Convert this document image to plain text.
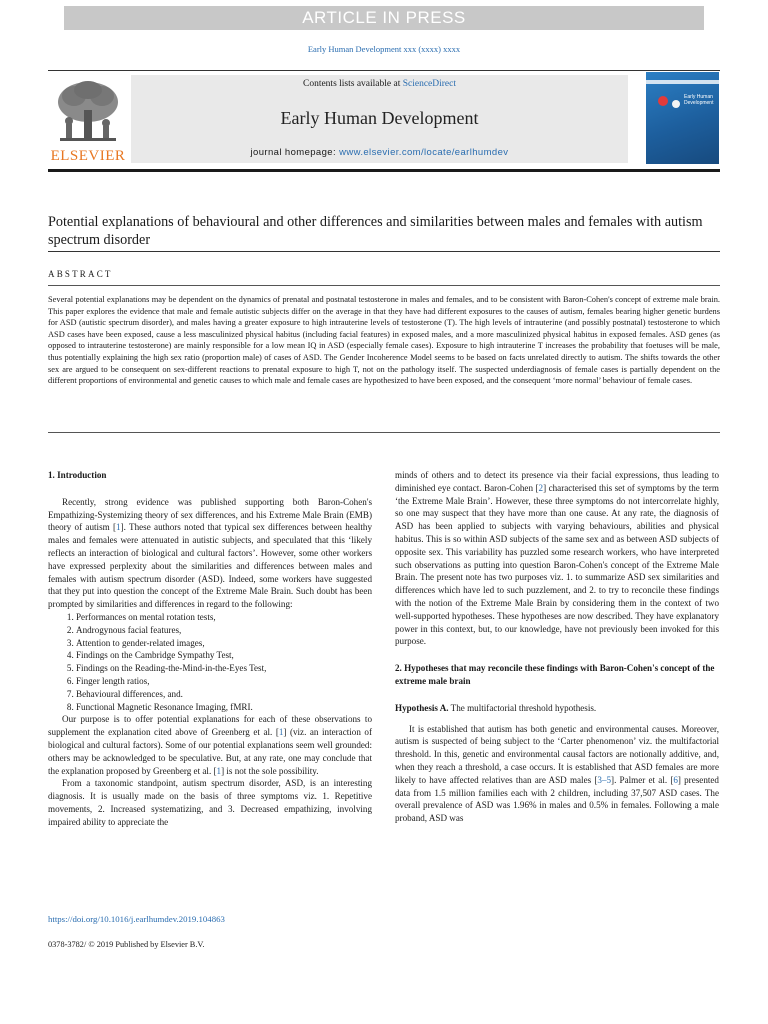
ARTICLE IN PRESS
Early Human Development xxx (xxxx) xxxx
ELSEVIER
Contents lists available at ScienceDirect
Early Human Development
journal homepage: www.elsevier.com/locate/earlhumdev
Early Human Development
Potential explanations of behavioural and other differences and similarities between males and females with autism spectrum disorder
ABSTRACT

Several potential explanations may be dependent on the dynamics of prenatal and postnatal testosterone in males and females, and to be consistent with Baron-Cohen's concept of extreme male brain. This paper explores the evidence that male and female autistic subjects differ on the average in that they have had different exposures to the causes of autism, females bearing higher genetic burdens for ASD (autistic spectrum disorder), and males having a greater exposure to high intrauterine levels of testosterone (T). The high levels of intrauterine (and possibly postnatal) testosterone to which ASD cases have been exposed, cause a less masculinized physical habitus (including facial features) in exposed males, and a more masculinized physical habitus in exposed females. ASD genes (as opposed to intrauterine testosterone) are mainly responsible for a low mean IQ in ASD (especially female cases). Exposure to high intrauterine T increases the probability that foetuses will be male, thus potentially explaining the high sex ratio (proportion male) of cases of ASD. The Gender Incoherence Model seems to be based on facts unrelated directly to autism. The shifts towards the other sex are argued to be consequent on sex-different reactions to prenatal exposure to high T, not on the pathology itself. The suspected underdiagnosis of female cases is partially dependent on the different proportions of environmental and genetic causes to which male and female cases are hypothesized to have been exposed, and the consequent ‘more normal’ behaviour of female cases.

1. Introduction

Recently, strong evidence was published supporting both Baron-Cohen's Empathizing-Systemizing theory of sex differences, and his Extreme Male Brain (EMB) theory of autism [1]. These authors noted that typical sex differences between healthy males and females were attenuated in autistic subjects, and speculated that this ‘likely reflects an interaction of biological and cultural factors’. However, some other workers have expressed perplexity about the similarities and differences between males and females with autism spectrum disorder (ASD). Indeed, some workers have suggested that they put into question the concept of the Extreme Male Brain. Such doubt has been prompted by similarities and differences in regard to the following:

1. Performances on mental rotation tests,
2. Androgynous facial features,
3. Attention to gender-related images,
4. Findings on the Cambridge Sympathy Test,
5. Findings on the Reading-the-Mind-in-the-Eyes Test,
6. Finger length ratios,
7. Behavioural differences, and.
8. Functional Magnetic Resonance Imaging, fMRI.

Our purpose is to offer potential explanations for each of these observations to supplement the explanation cited above of Greenberg et al. [1] (viz. an interaction of biological and cultural factors). Some of our potential explanations seem well grounded: others may be acknowledged to be speculative. But, at any rate, one may conclude that the explanation proposed by Greenberg et al. [1] is not the sole possibility.

From a taxonomic standpoint, autism spectrum disorder, ASD, is an interesting diagnosis. It is usually made on the basis of three symptoms viz. 1. Repetitive movements, 2. Increased systematizing, and 3. Decreased empathizing, involving impaired ability to appreciate the

minds of others and to detect its presence via their facial expressions, thus leading to diminished eye contact. Baron-Cohen [2] characterised this set of symptoms by the term ‘the Extreme Male Brain’. However, these three symptoms do not intercorrelate highly, so one may suspect that they have more than one cause. At any rate, the diagnosis of ASD has been applied to subjects with varying behaviours, abilities and physical habitus. This is so within ASD subjects of the same sex and as between ASD subjects of opposite sex. This variability has puzzled some research workers, who have interpreted such observations as putting into question Baron-Cohen's concept of the Extreme Male Brain. The present note has two purposes viz. 1. to summarize ASD sex similarities and differences which have led to such puzzlement, and 2. to try to reconcile these findings with the notion of the Extreme Male Brain by considering them in the context of two well-supported hypotheses. These hypotheses are now described. They have explanatory power in this context, but, to our knowledge, have not previously been invoked for this purpose.

2. Hypotheses that may reconcile these findings with Baron-Cohen's concept of the extreme male brain

Hypothesis A. The multifactorial threshold hypothesis.

It is established that autism has both genetic and environmental causes. Moreover, autism is suspected of being subject to the ‘Carter phenomenon’ viz. the multifactorial threshold. In this, genetic and environmental causal factors are notionally additive, and, when they reach a threshold, a case occurs. It is established that ASD females are more likely to have affected relatives than are ASD males [3–5]. Palmer et al. [6] presented data from 1.5 million families each with 2 children, including 37,507 ASD cases. The overall prevalence of ASD was 1.96% in males and 0.5% in females. Following a male proband, ASD was

https://doi.org/10.1016/j.earlhumdev.2019.104863
0378-3782/ © 2019 Published by Elsevier B.V.
